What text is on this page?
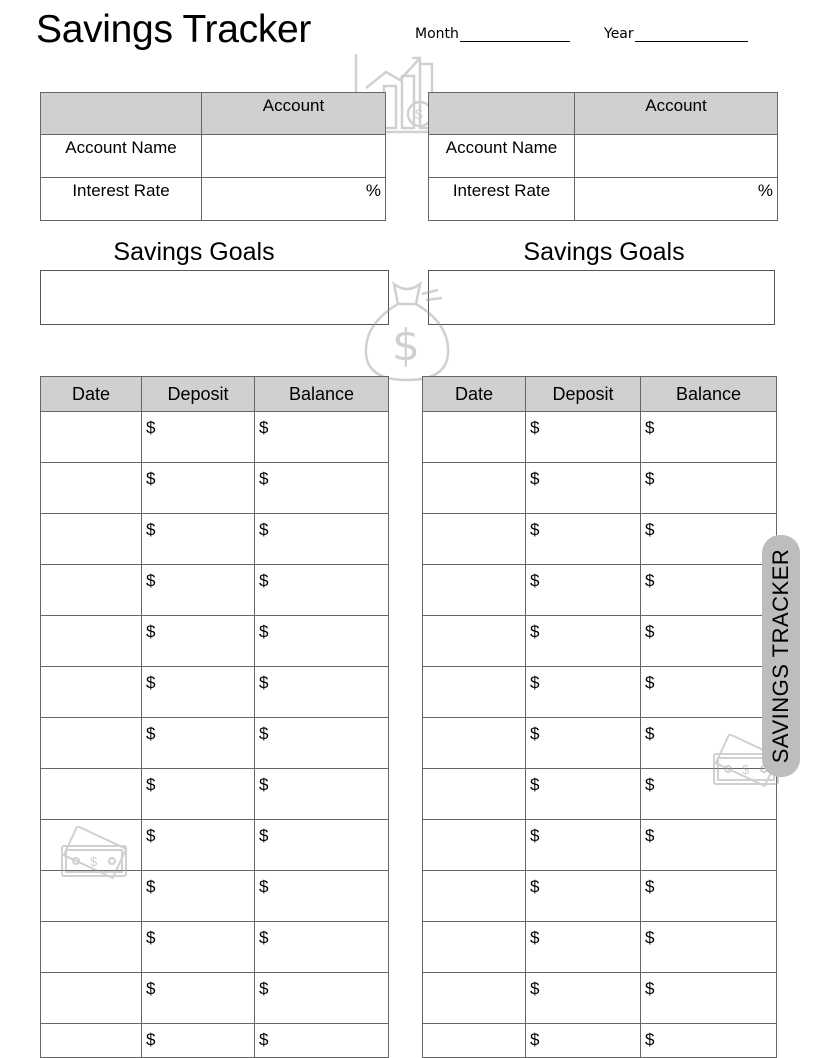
Savings Tracker	Month	Year
$
	Account
Account Name	
Interest Rate	%
	Account
Account Name	
Interest Rate	%
Savings Goals	Savings Goals
$
Date	Deposit	Balance
	$	$
	$	$
	$	$
	$	$
	$	$
	$	$
	$	$
	$	$
	$	$
	$	$
	$	$
	$	$
	$	$
Date	Deposit	Balance
	$	$
	$	$
	$	$
	$	$
	$	$
	$	$
	$	$
	$	$
	$	$
	$	$
	$	$
	$	$
	$	$
$
$
SAVINGS TRACKER
